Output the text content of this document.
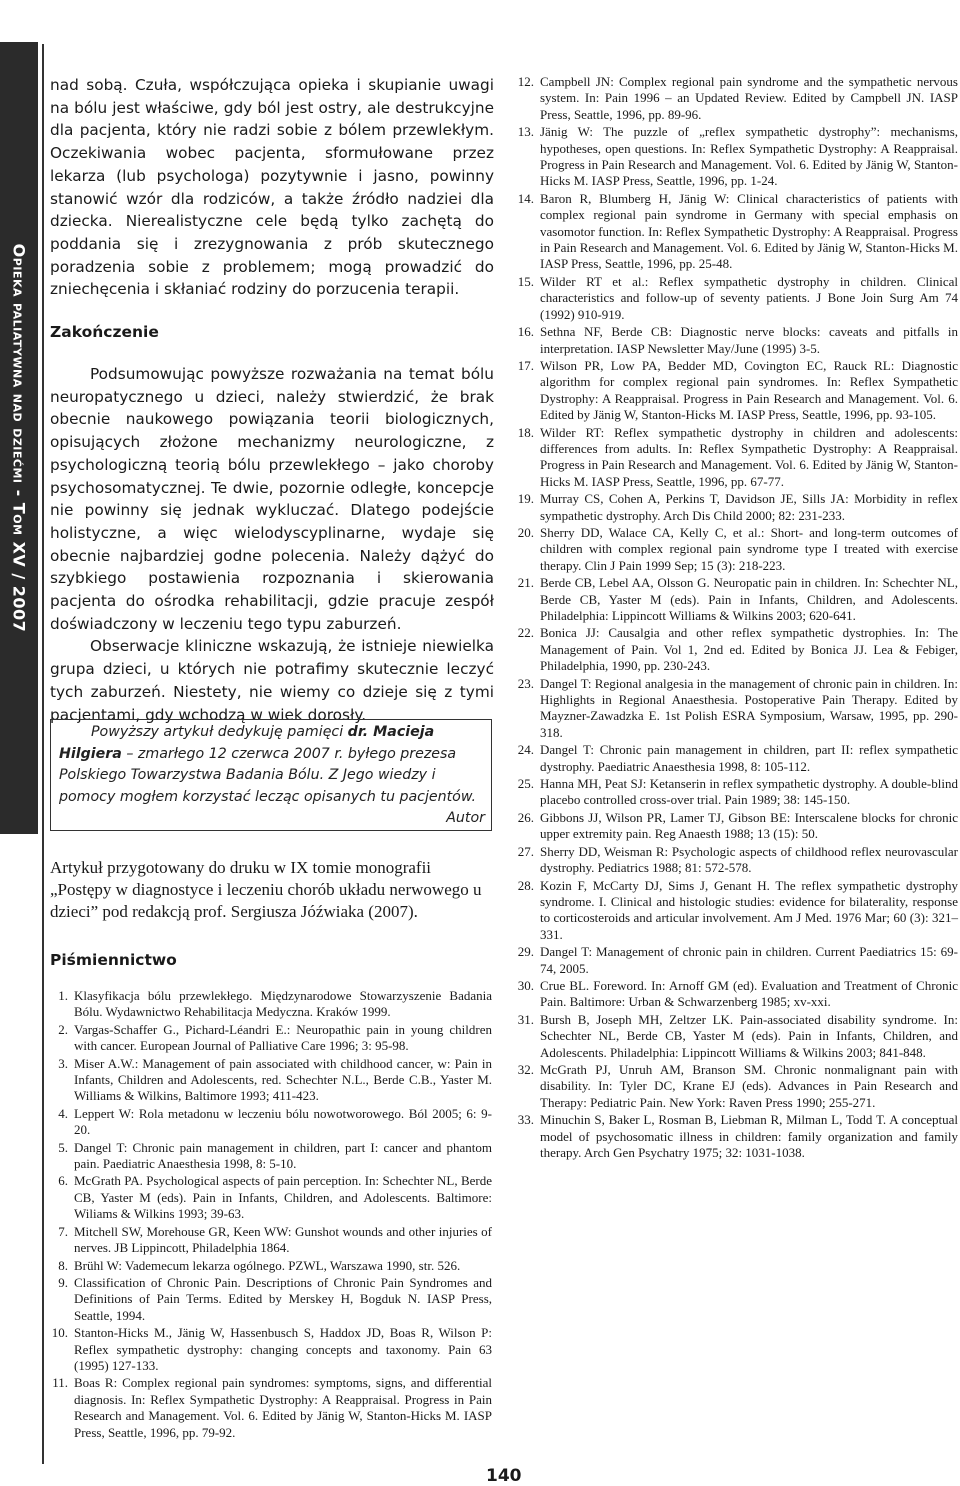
Opieka paliatywna nad dziećmi - Tom XV / 2007

nad sobą. Czuła, współczująca opieka i skupianie uwagi na bólu jest właściwe, gdy ból jest ostry, ale destrukcyjne dla pacjenta, który nie radzi sobie z bólem przewlekłym. Oczekiwania wobec pacjenta, sformułowane przez lekarza (lub psychologa) pozytywnie i jasno, powinny stanowić wzór dla rodziców, a także źródło nadziei dla dziecka. Nierealistyczne cele będą tylko zachętą do poddania się i zrezygnowania z prób skutecznego poradzenia sobie z problemem; mogą prowadzić do zniechęcenia i skłaniać rodziny do porzucenia terapii.

Zakończenie

Podsumowując powyższe rozważania na temat bólu neuropatycznego u dzieci, należy stwierdzić, że brak obecnie naukowego powiązania teorii biologicznych, opisujących złożone mechanizmy neurologiczne, z psychologiczną teorią bólu przewlekłego – jako choroby psychosomatycznej. Te dwie, pozornie odległe, koncepcje nie powinny się jednak wykluczać. Dlatego podejście holistyczne, a więc wielodyscyplinarne, wydaje się obecnie najbardziej godne polecenia. Należy dążyć do szybkiego postawienia rozpoznania i skierowania pacjenta do ośrodka rehabilitacji, gdzie pracuje zespół doświadczony w leczeniu tego typu zaburzeń.

Obserwacje kliniczne wskazują, że istnieje niewielka grupa dzieci, u których nie potrafimy skutecznie leczyć tych zaburzeń. Niestety, nie wiemy co dzieje się z tymi pacjentami, gdy wchodzą w wiek dorosły.

Powyższy artykuł dedykuję pamięci dr. Macieja Hilgiera – zmarłego 12 czerwca 2007 r. byłego prezesa Polskiego Towarzystwa Badania Bólu. Z Jego wiedzy i pomocy mogłem korzystać lecząc opisanych tu pacjentów.

Autor

Artykuł przygotowany do druku w IX tomie monografii „Postępy w diagnostyce i leczeniu chorób układu nerwowego u dzieci” pod redakcją prof. Sergiusza Jóźwiaka (2007).

Piśmiennictwo
1. Klasyfikacja bólu przewlekłego. Międzynarodowe Stowarzyszenie Badania Bólu. Wydawnictwo Rehabilitacja Medyczna. Kraków 1999.
2. Vargas-Schaffer G., Pichard-Léandri E.: Neuropathic pain in young children with cancer. European Journal of Palliative Care 1996; 3: 95-98.
3. Miser A.W.: Management of pain associated with childhood cancer, w: Pain in Infants, Children and Adolescents, red. Schechter N.L., Berde C.B., Yaster M. Williams & Wilkins, Baltimore 1993; 411-423.
4. Leppert W: Rola metadonu w leczeniu bólu nowotworowego. Ból 2005; 6: 9-20.
5. Dangel T: Chronic pain management in children, part I: cancer and phantom pain. Paediatric Anaesthesia 1998, 8: 5-10.
6. McGrath PA. Psychological aspects of pain perception. In: Schechter NL, Berde CB, Yaster M (eds). Pain in Infants, Children, and Adolescents. Baltimore: Wiliams & Wilkins 1993; 39-63.
7. Mitchell SW, Morehouse GR, Keen WW: Gunshot wounds and other injuries of nerves. JB Lippincott, Philadelphia 1864.
8. Brühl W: Vademecum lekarza ogólnego. PZWL, Warszawa 1990, str. 526.
9. Classification of Chronic Pain. Descriptions of Chronic Pain Syndromes and Definitions of Pain Terms. Edited by Merskey H, Bogduk N. IASP Press, Seattle, 1994.
10. Stanton-Hicks M., Jänig W, Hassenbusch S, Haddox JD, Boas R, Wilson P: Reflex sympathetic dystrophy: changing concepts and taxonomy. Pain 63 (1995) 127-133.
11. Boas R: Complex regional pain syndromes: symptoms, signs, and differential diagnosis. In: Reflex Sympathetic Dystrophy: A Reappraisal. Progress in Pain Research and Management. Vol. 6. Edited by Jänig W, Stanton-Hicks M. IASP Press, Seattle, 1996, pp. 79-92.
12. Campbell JN: Complex regional pain syndrome and the sympathetic nervous system. In: Pain 1996 – an Updated Review. Edited by Campbell JN. IASP Press, Seattle, 1996, pp. 89-96.
13. Jänig W: The puzzle of „reflex sympathetic dystrophy”: mechanisms, hypotheses, open questions. In: Reflex Sympathetic Dystrophy: A Reappraisal. Progress in Pain Research and Management. Vol. 6. Edited by Jänig W, Stanton-Hicks M. IASP Press, Seattle, 1996, pp. 1-24.
14. Baron R, Blumberg H, Jänig W: Clinical characteristics of patients with complex regional pain syndrome in Germany with special emphasis on vasomotor function. In: Reflex Sympathetic Dystrophy: A Reappraisal. Progress in Pain Research and Management. Vol. 6. Edited by Jänig W, Stanton-Hicks M. IASP Press, Seattle, 1996, pp. 25-48.
15. Wilder RT et al.: Reflex sympathetic dystrophy in children. Clinical characteristics and follow-up of seventy patients. J Bone Join Surg Am 74 (1992) 910-919.
16. Sethna NF, Berde CB: Diagnostic nerve blocks: caveats and pitfalls in interpretation. IASP Newsletter May/June (1995) 3-5.
17. Wilson PR, Low PA, Bedder MD, Covington EC, Rauck RL: Diagnostic algorithm for complex regional pain syndromes. In: Reflex Sympathetic Dystrophy: A Reappraisal. Progress in Pain Research and Management. Vol. 6. Edited by Jänig W, Stanton-Hicks M. IASP Press, Seattle, 1996, pp. 93-105.
18. Wilder RT: Reflex sympathetic dystrophy in children and adolescents: differences from adults. In: Reflex Sympathetic Dystrophy: A Reappraisal. Progress in Pain Research and Management. Vol. 6. Edited by Jänig W, Stanton-Hicks M. IASP Press, Seattle, 1996, pp. 67-77.
19. Murray CS, Cohen A, Perkins T, Davidson JE, Sills JA: Morbidity in reflex sympathetic dystrophy. Arch Dis Child 2000; 82: 231-233.
20. Sherry DD, Walace CA, Kelly C, et al.: Short- and long-term outcomes of children with complex regional pain syndrome type I treated with exercise therapy. Clin J Pain 1999 Sep; 15 (3): 218-223.
21. Berde CB, Lebel AA, Olsson G. Neuropatic pain in children. In: Schechter NL, Berde CB, Yaster M (eds). Pain in Infants, Children, and Adolescents. Philadelphia: Lippincott Williams & Wilkins 2003; 620-641.
22. Bonica JJ: Causalgia and other reflex sympathetic dystrophies. In: The Management of Pain. Vol 1, 2nd ed. Edited by Bonica JJ. Lea & Febiger, Philadelphia, 1990, pp. 230-243.
23. Dangel T: Regional analgesia in the management of chronic pain in children. In: Highlights in Regional Anaesthesia. Postoperative Pain Therapy. Edited by Mayzner-Zawadzka E. 1st Polish ESRA Symposium, Warsaw, 1995, pp. 290-318.
24. Dangel T: Chronic pain management in children, part II: reflex sympathetic dystrophy. Paediatric Anaesthesia 1998, 8: 105-112.
25. Hanna MH, Peat SJ: Ketanserin in reflex sympathetic dystrophy. A double-blind placebo controlled cross-over trial. Pain 1989; 38: 145-150.
26. Gibbons JJ, Wilson PR, Lamer TJ, Gibson BE: Interscalene blocks for chronic upper extremity pain. Reg Anaesth 1988; 13 (15): 50.
27. Sherry DD, Weisman R: Psychologic aspects of childhood reflex neurovascular dystrophy. Pediatrics 1988; 81: 572-578.
28. Kozin F, McCarty DJ, Sims J, Genant H. The reflex sympathetic dystrophy syndrome. I. Clinical and histologic studies: evidence for bilaterality, response to corticosteroids and articular involvement. Am J Med. 1976 Mar; 60 (3): 321–331.
29. Dangel T: Management of chronic pain in children. Current Paediatrics 15: 69-74, 2005.
30. Crue BL. Foreword. In: Arnoff GM (ed). Evaluation and Treatment of Chronic Pain. Baltimore: Urban & Schwarzenberg 1985; xv-xxi.
31. Bursh B, Joseph MH, Zeltzer LK. Pain-associated disability syndrome. In: Schechter NL, Berde CB, Yaster M (eds). Pain in Infants, Children, and Adolescents. Philadelphia: Lippincott Williams & Wilkins 2003; 841-848.
32. McGrath PJ, Unruh AM, Branson SM. Chronic nonmalignant pain with disability. In: Tyler DC, Krane EJ (eds). Advances in Pain Research and Therapy: Pediatric Pain. New York: Raven Press 1990; 255-271.
33. Minuchin S, Baker L, Rosman B, Liebman R, Milman L, Todd T. A conceptual model of psychosomatic illness in children: family organization and family therapy. Arch Gen Psychatry 1975; 32: 1031-1038.
140
